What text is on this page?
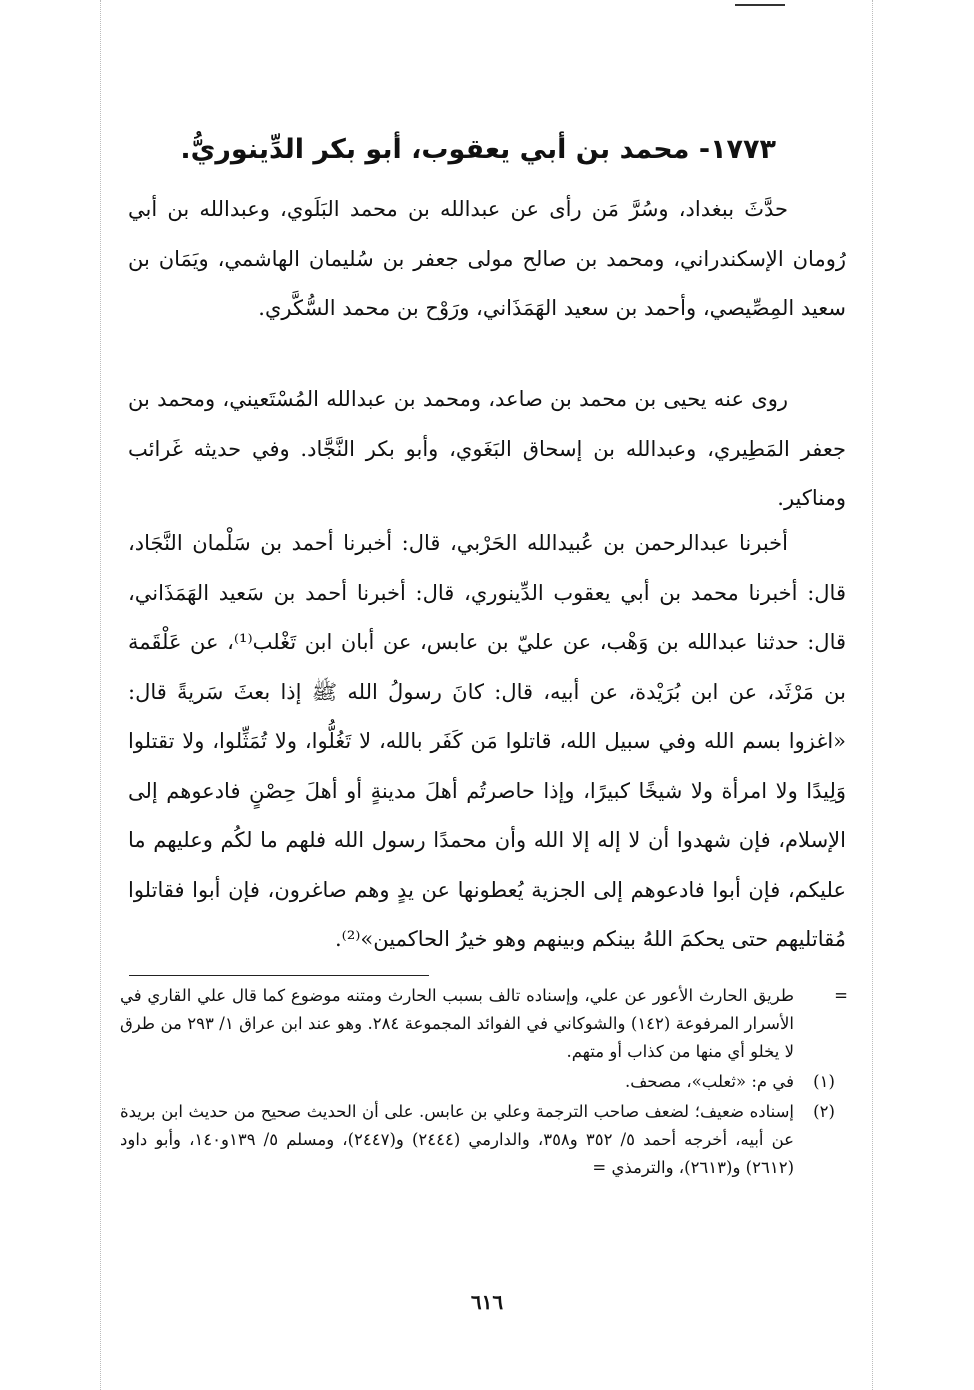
١٧٧٣- محمد بن أبي يعقوب، أبو بكر الدِّينوريُّ.

حدَّثَ ببغداد، وسُرَّ مَن رأى عن عبدالله بن محمد البَلَوي، وعبدالله بن أبي رُومان الإسكندراني، ومحمد بن صالح مولى جعفر بن سُليمان الهاشمي، ويَمَان بن سعيد المِصِّيصي، وأحمد بن سعيد الهَمَذَاني، ورَوْح بن محمد السُّكَّري.

روى عنه يحيى بن محمد بن صاعد، ومحمد بن عبدالله المُسْتَعيني، ومحمد بن جعفر المَطِيري، وعبدالله بن إسحاق البَغَوي، وأبو بكر النَّجَّاد. وفي حديثه غَرائب ومناكير.

أخبرنا عبدالرحمن بن عُبيدالله الحَرْبي، قال: أخبرنا أحمد بن سَلْمان النَّجَاد، قال: أخبرنا محمد بن أبي يعقوب الدِّينوري، قال: أخبرنا أحمد بن سَعيد الهَمَذَاني، قال: حدثنا عبدالله بن وَهْب، عن عليّ بن عابس، عن أبان ابن تَغْلب⁽¹⁾، عن عَلْقَمة بن مَرْثَد، عن ابن بُرَيْدة، عن أبيه، قال: كانَ رسولُ الله ﷺ إذا بعثَ سَريةً قال: «اغزوا بسم الله وفي سبيل الله، قاتلوا مَن كَفَر بالله، لا تَغُلُّوا، ولا تُمَثِّلوا، ولا تقتلوا وَلِيدًا ولا امرأة ولا شيخًا كبيرًا، وإذا حاصرتُم أهلَ مدينةٍ أو أهلَ حِصْنٍ فادعوهم إلى الإسلام، فإن شهدوا أن لا إله إلا الله وأن محمدًا رسول الله فلهم ما لكُم وعليهم ما عليكم، فإن أبوا فادعوهم إلى الجزية يُعطونها عن يدٍ وهم صاغرون، فإن أبوا فقاتلوا مُقاتليهم حتى يحكمَ اللهُ بينكم وبينهم وهو خيرُ الحاكمين»⁽²⁾.

=
طريق الحارث الأعور عن علي، وإسناده تالف بسبب الحارث ومتنه موضوع كما قال علي القاري في الأسرار المرفوعة (١٤٢) والشوكاني في الفوائد المجموعة ٢٨٤. وهو عند ابن عراق ١/ ٢٩٣ من طرق لا يخلو أي منها من كذاب أو متهم.
(١)
في م: «ثعلب»، مصحف.
(٢)
إسناده ضعيف؛ لضعف صاحب الترجمة وعلي بن عابس. على أن الحديث صحيح من حديث ابن بريدة عن أبيه، أخرجه أحمد ٥/ ٣٥٢ و٣٥٨، والدارمي (٢٤٤٤) و(٢٤٤٧)، ومسلم ٥/ ١٣٩و١٤٠، وأبو داود (٢٦١٢) و(٢٦١٣)، والترمذي =
٦١٦
